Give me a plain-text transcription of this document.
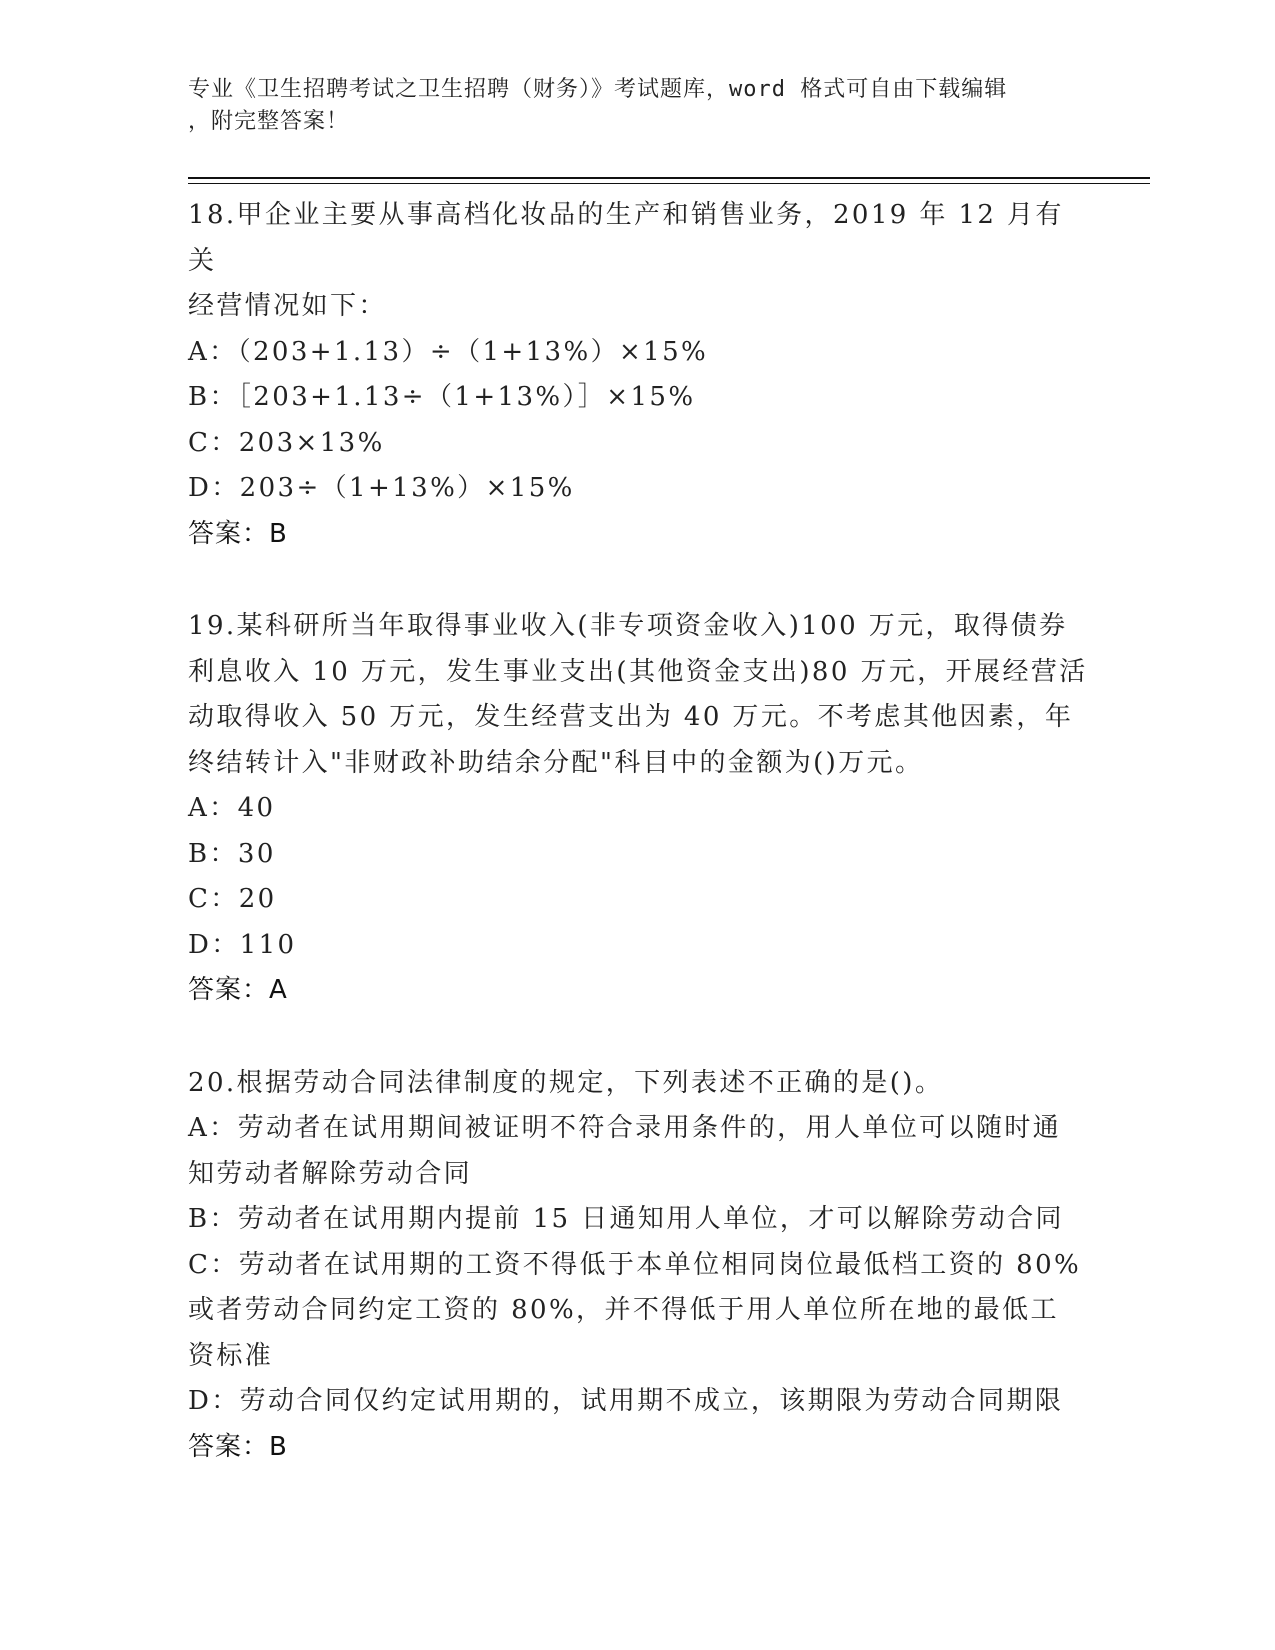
专业《卫生招聘考试之卫生招聘（财务）》考试题库，word 格式可自由下载编辑
，附完整答案！
18.甲企业主要从事高档化妆品的生产和销售业务，2019 年 12 月有关
经营情况如下：
A：（203+1.13）÷（1+13%）×15%
B：［203+1.13÷（1+13%）］×15%
C：203×13%
D：203÷（1+13%）×15%
答案：B
19.某科研所当年取得事业收入(非专项资金收入)100 万元，取得债券
利息收入 10 万元，发生事业支出(其他资金支出)80 万元，开展经营活
动取得收入 50 万元，发生经营支出为 40 万元。不考虑其他因素，年
终结转计入"非财政补助结余分配"科目中的金额为()万元。
A：40
B：30
C：20
D：110
答案：A
20.根据劳动合同法律制度的规定，下列表述不正确的是()。
A：劳动者在试用期间被证明不符合录用条件的，用人单位可以随时通
知劳动者解除劳动合同
B：劳动者在试用期内提前 15 日通知用人单位，才可以解除劳动合同
C：劳动者在试用期的工资不得低于本单位相同岗位最低档工资的 80%
或者劳动合同约定工资的 80%，并不得低于用人单位所在地的最低工
资标准
D：劳动合同仅约定试用期的，试用期不成立，该期限为劳动合同期限
答案：B
